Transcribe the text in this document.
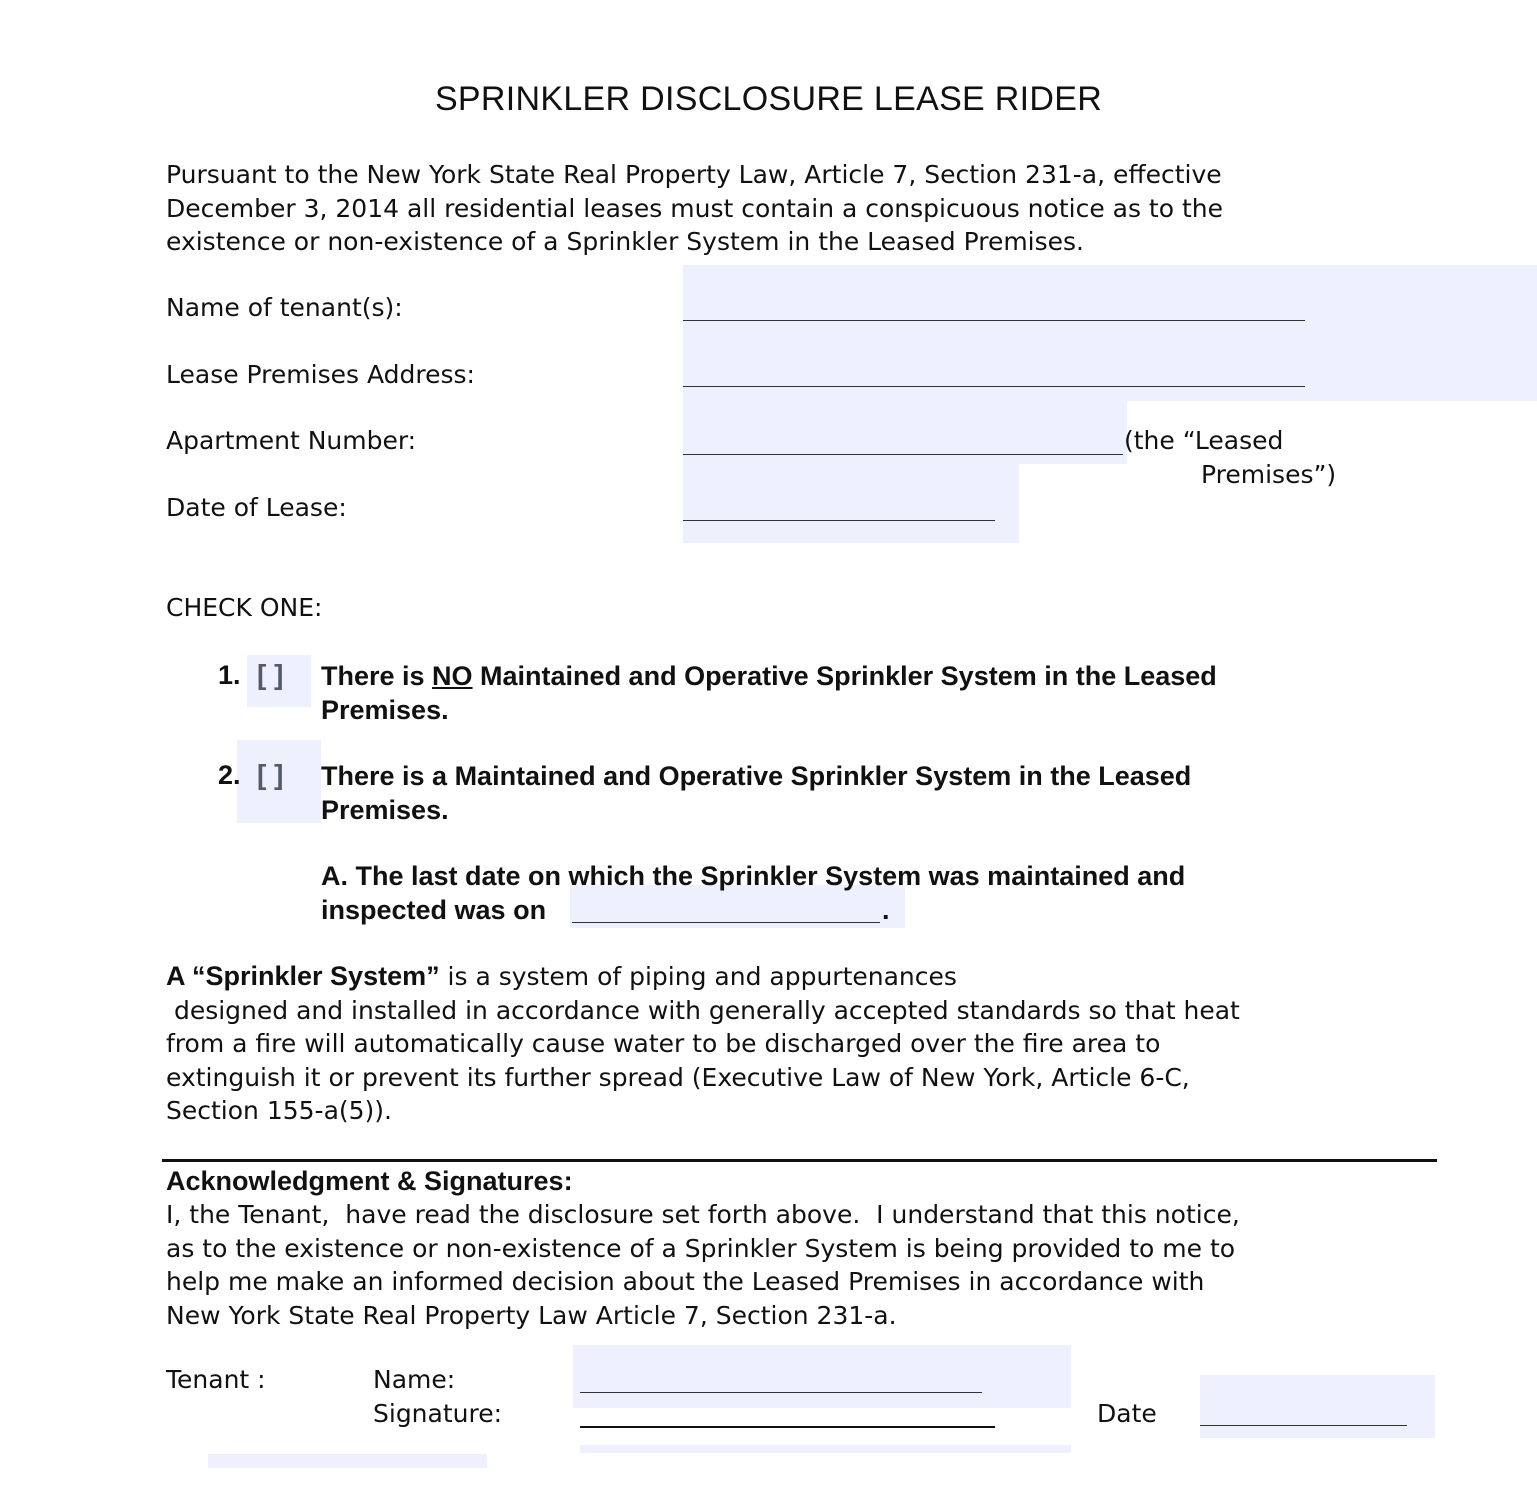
SPRINKLER DISCLOSURE LEASE RIDER
Pursuant to the New York State Real Property Law, Article 7, Section 231-a, effective
December 3, 2014 all residential leases must contain a conspicuous notice as to the
existence or non-existence of a Sprinkler System in the Leased Premises.
Name of tenant(s):
Lease Premises Address:
Apartment Number:	(the “Leased
Premises”)
Date of Lease:
CHECK ONE:
1. [ ] There is NO Maintained and Operative Sprinkler System in the Leased
Premises.
2. [ ] There is a Maintained and Operative Sprinkler System in the Leased
Premises.
A. The last date on which the Sprinkler System was maintained and
inspected was on	.
A “Sprinkler System” is a system of piping and appurtenances
designed and installed in accordance with generally accepted standards so that heat
from a fire will automatically cause water to be discharged over the fire area to
extinguish it or prevent its further spread (Executive Law of New York, Article 6-C,
Section 155-a(5)).
Acknowledgment & Signatures:
I, the Tenant,  have read the disclosure set forth above.  I understand that this notice,
as to the existence or non-existence of a Sprinkler System is being provided to me to
help me make an informed decision about the Leased Premises in accordance with
New York State Real Property Law Article 7, Section 231-a.
Tenant :	Name:
Signature:	Date
